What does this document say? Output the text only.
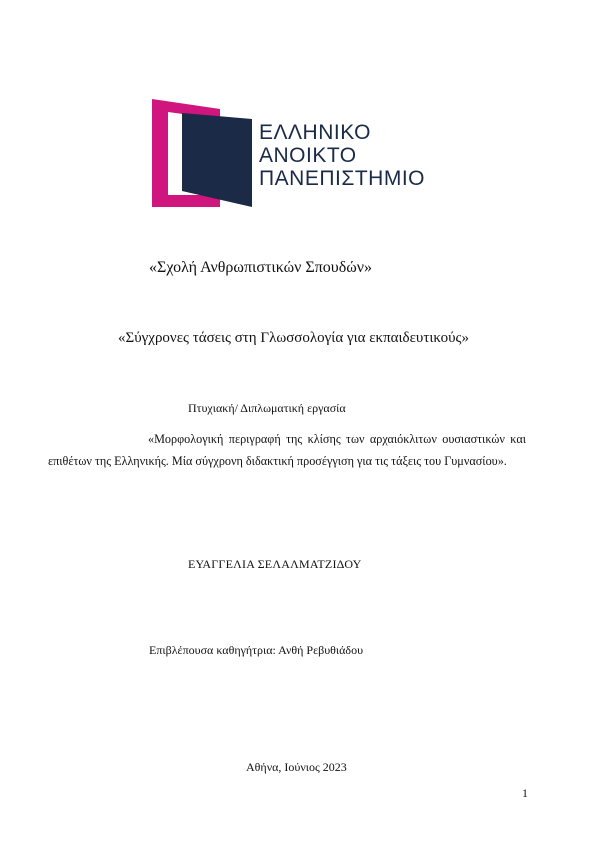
ΕΛΛΗΝΙΚΟ
ΑΝΟΙΚΤΟ
ΠΑΝΕΠΙΣΤΗΜΙΟ
«Σχολή Ανθρωπιστικών Σπουδών»
«Σύγχρονες τάσεις στη Γλωσσολογία για εκπαιδευτικούς»
Πτυχιακή/ Διπλωματική εργασία
«Μορφολογική περιγραφή της κλίσης των αρχαιόκλιτων ουσιαστικών και επιθέτων της Ελληνικής. Μία σύγχρονη διδακτική προσέγγιση για τις τάξεις του Γυμνασίου».
ΕΥΑΓΓΕΛΙΑ ΣΕΛΑΛΜΑΤΖΙΔΟΥ
Επιβλέπουσα καθηγήτρια: Ανθή Ρεβυθιάδου
Αθήνα, Ιούνιος 2023
1
